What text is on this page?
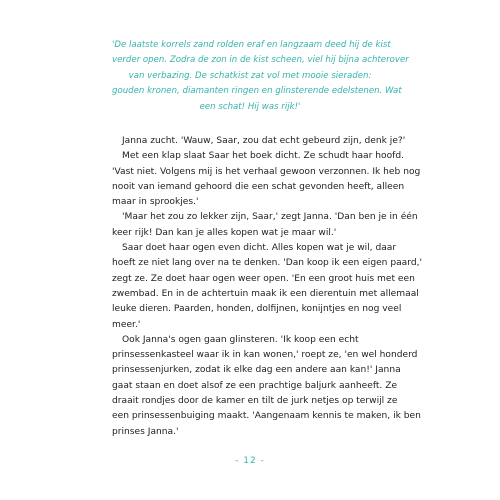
'De laatste korrels zand rolden eraf en langzaam deed hij de kist
verder open. Zodra de zon in de kist scheen, viel hij bijna achterover
van verbazing. De schatkist zat vol met mooie sieraden:
gouden kronen, diamanten ringen en glinsterende edelstenen. Wat
een schat! Hij was rijk!'
Janna zucht. 'Wauw, Saar, zou dat echt gebeurd zijn, denk je?'
Met een klap slaat Saar het boek dicht. Ze schudt haar hoofd.
'Vast niet. Volgens mij is het verhaal gewoon verzonnen. Ik heb nog
nooit van iemand gehoord die een schat gevonden heeft, alleen
maar in sprookjes.'
'Maar het zou zo lekker zijn, Saar,' zegt Janna. 'Dan ben je in één
keer rijk! Dan kan je alles kopen wat je maar wil.'
Saar doet haar ogen even dicht. Alles kopen wat je wil, daar
hoeft ze niet lang over na te denken. 'Dan koop ik een eigen paard,'
zegt ze. Ze doet haar ogen weer open. 'En een groot huis met een
zwembad. En in de achtertuin maak ik een dierentuin met allemaal
leuke dieren. Paarden, honden, dolfijnen, konijntjes en nog veel
meer.'
Ook Janna's ogen gaan glinsteren. 'Ik koop een echt
prinsessenkasteel waar ik in kan wonen,' roept ze, 'en wel honderd
prinsessenjurken, zodat ik elke dag een andere aan kan!' Janna
gaat staan en doet alsof ze een prachtige baljurk aanheeft. Ze
draait rondjes door de kamer en tilt de jurk netjes op terwijl ze
een prinsessenbuiging maakt. 'Aangenaam kennis te maken, ik ben
prinses Janna.'
- 12 -
